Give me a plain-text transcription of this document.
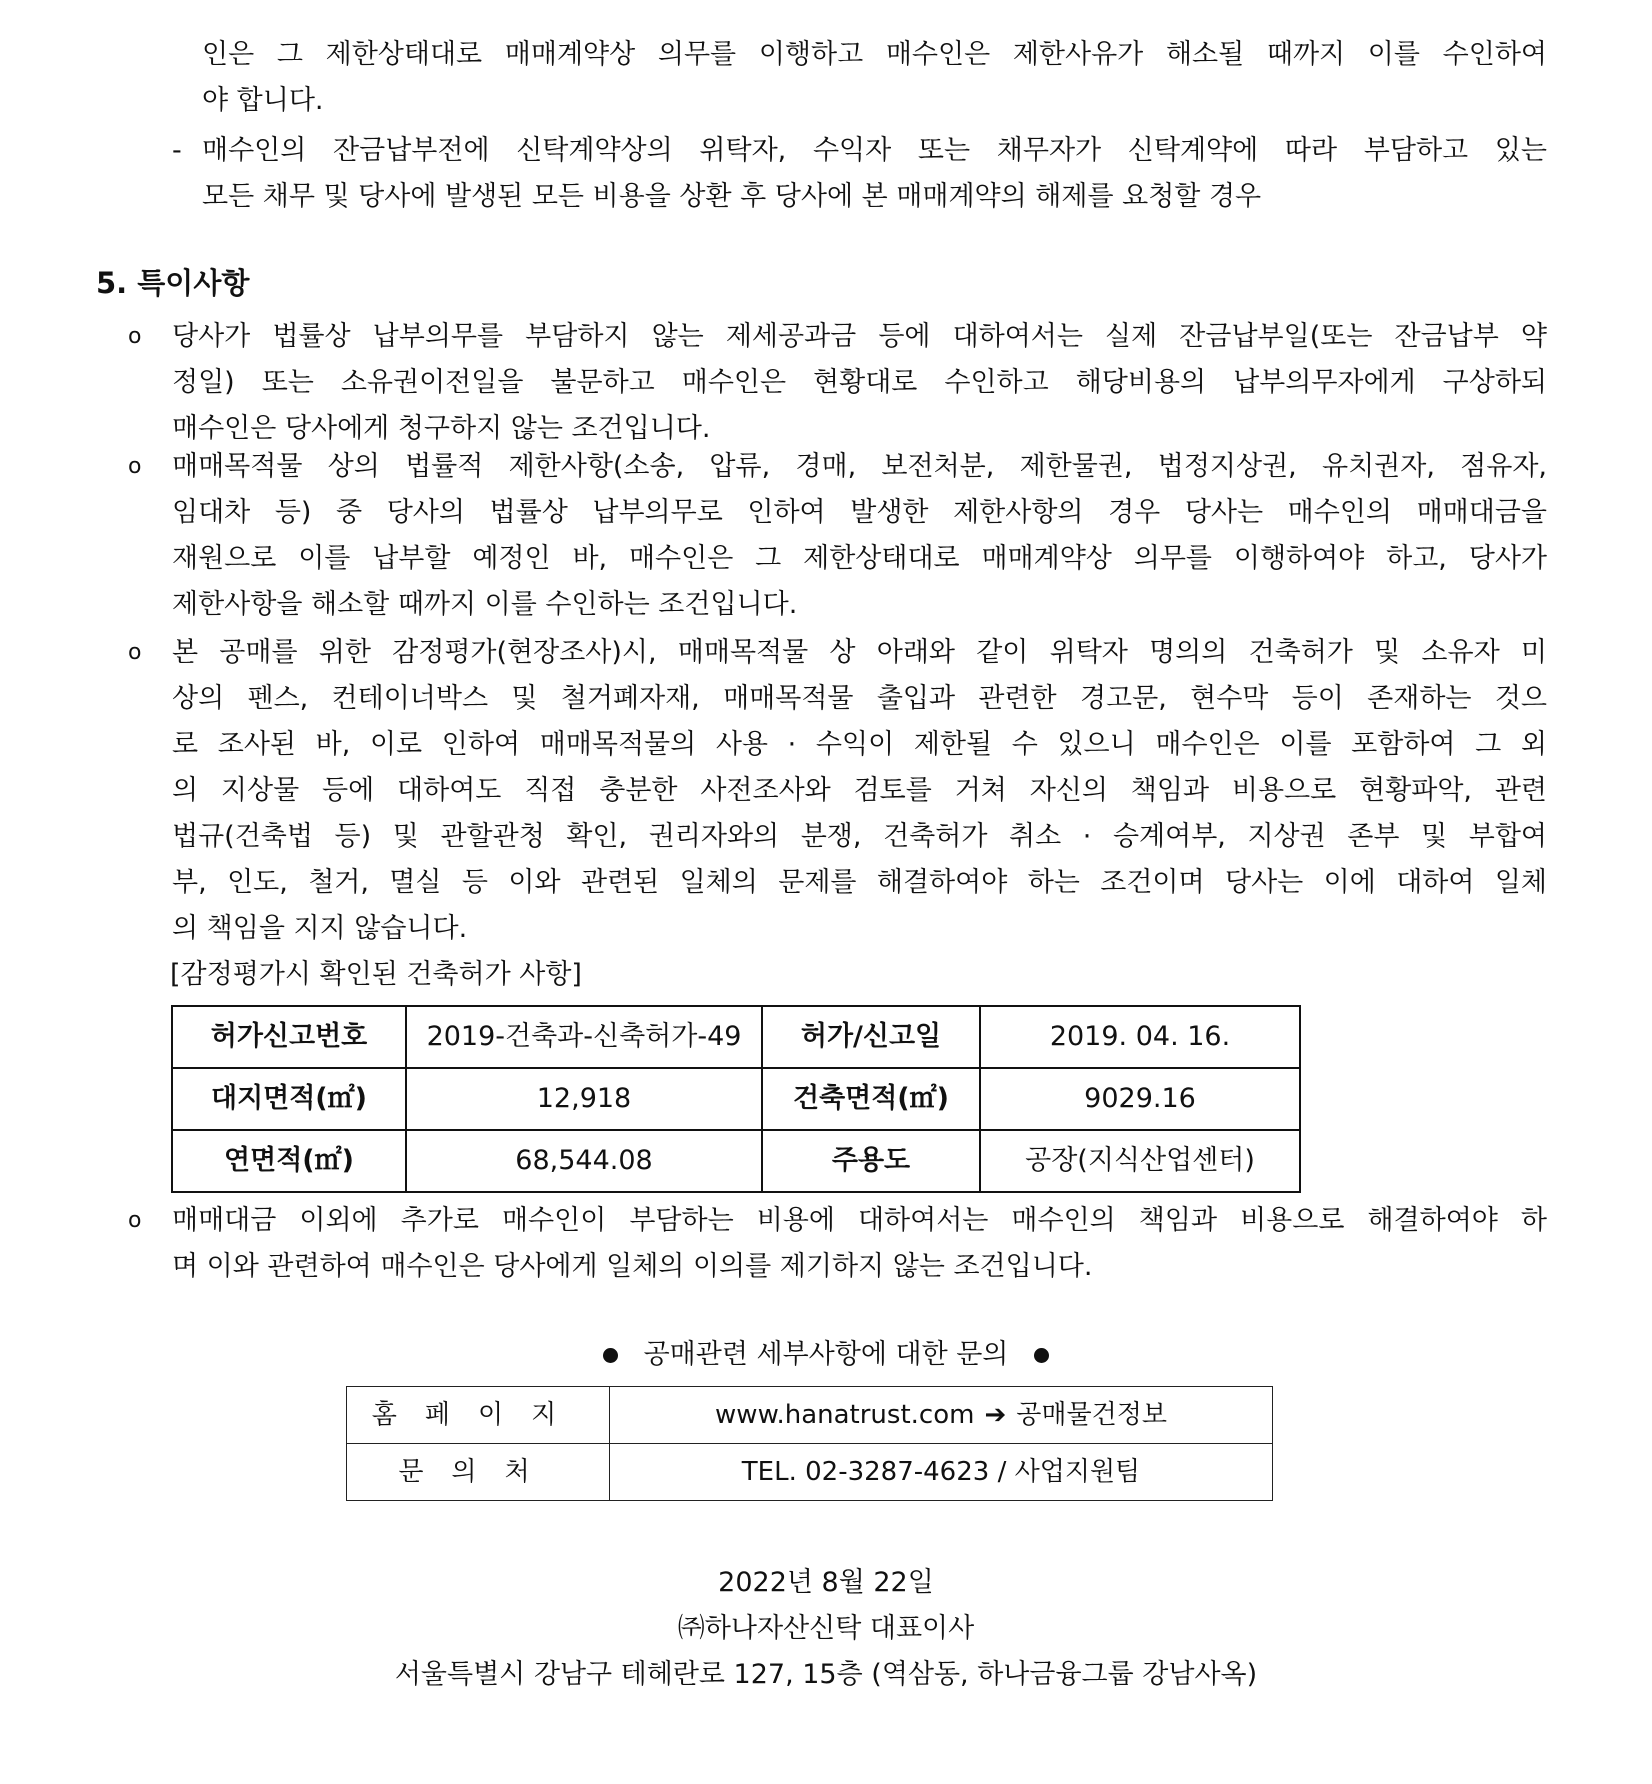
인은 그 제한상태대로 매매계약상 의무를 이행하고 매수인은 제한사유가 해소될 때까지 이를 수인하여
야 합니다.
- 매수인의 잔금납부전에 신탁계약상의 위탁자, 수익자 또는 채무자가 신탁계약에 따라 부담하고 있는
모든 채무 및 당사에 발생된 모든 비용을 상환 후 당사에 본 매매계약의 해제를 요청할 경우
5. 특이사항
o 당사가 법률상 납부의무를 부담하지 않는 제세공과금 등에 대하여서는 실제 잔금납부일(또는 잔금납부 약
정일) 또는 소유권이전일을 불문하고 매수인은 현황대로 수인하고 해당비용의 납부의무자에게 구상하되
매수인은 당사에게 청구하지 않는 조건입니다.
o 매매목적물 상의 법률적 제한사항(소송, 압류, 경매, 보전처분, 제한물권, 법정지상권, 유치권자, 점유자,
임대차 등) 중 당사의 법률상 납부의무로 인하여 발생한 제한사항의 경우 당사는 매수인의 매매대금을
재원으로 이를 납부할 예정인 바, 매수인은 그 제한상태대로 매매계약상 의무를 이행하여야 하고, 당사가
제한사항을 해소할 때까지 이를 수인하는 조건입니다.
o 본 공매를 위한 감정평가(현장조사)시, 매매목적물 상 아래와 같이 위탁자 명의의 건축허가 및 소유자 미
상의 펜스, 컨테이너박스 및 철거폐자재, 매매목적물 출입과 관련한 경고문, 현수막 등이 존재하는 것으
로 조사된 바, 이로 인하여 매매목적물의 사용 · 수익이 제한될 수 있으니 매수인은 이를 포함하여 그 외
의 지상물 등에 대하여도 직접 충분한 사전조사와 검토를 거쳐 자신의 책임과 비용으로 현황파악, 관련
법규(건축법 등) 및 관할관청 확인, 권리자와의 분쟁, 건축허가 취소 · 승계여부, 지상권 존부 및 부합여
부, 인도, 철거, 멸실 등 이와 관련된 일체의 문제를 해결하여야 하는 조건이며 당사는 이에 대하여 일체
의 책임을 지지 않습니다.
[감정평가시 확인된 건축허가 사항]
허가신고번호	2019-건축과-신축허가-49	허가/신고일	2019. 04. 16.
대지면적(㎡)	12,918	건축면적(㎡)	9029.16
연면적(㎡)	68,544.08	주용도	공장(지식산업센터)
o 매매대금 이외에 추가로 매수인이 부담하는 비용에 대하여서는 매수인의 책임과 비용으로 해결하여야 하
며 이와 관련하여 매수인은 당사에게 일체의 이의를 제기하지 않는 조건입니다.
공매관련 세부사항에 대한 문의
홈페이지	www.hanatrust.com ➔ 공매물건정보
문의처	TEL. 02-3287-4623 / 사업지원팀
2022년 8월 22일
㈜하나자산신탁 대표이사
서울특별시 강남구 테헤란로 127, 15층 (역삼동, 하나금융그룹 강남사옥)
